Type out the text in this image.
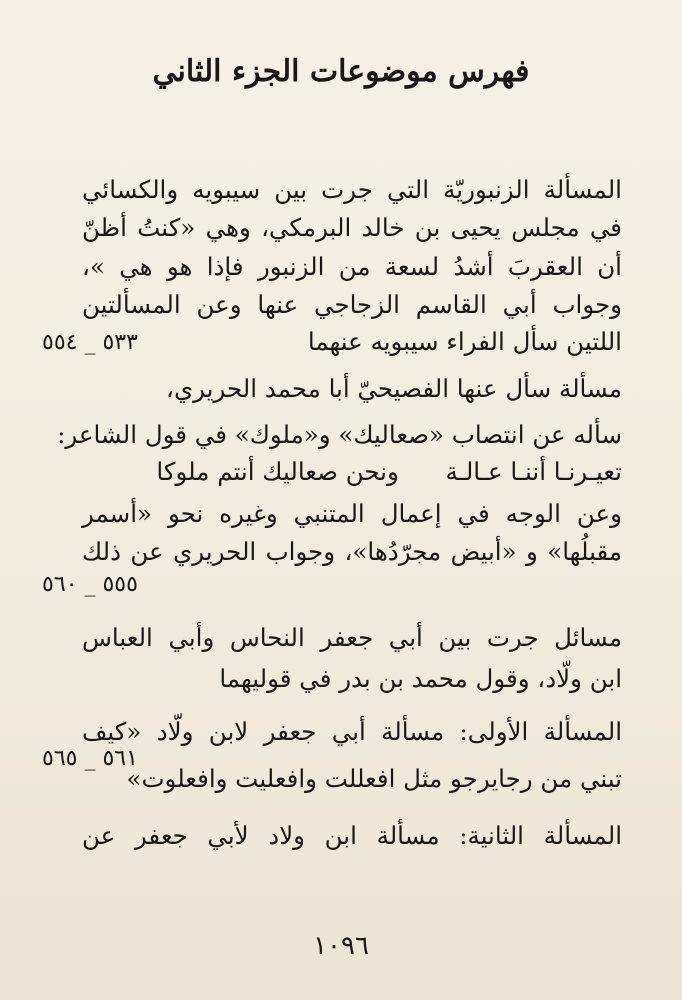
فهرس موضوعات الجزء الثاني
المسألة الزنبوريّة التي جرت بين سيبويه والكسائي
في مجلس يحيى بن خالد البرمكي، وهي «كنتُ أظنّ
أن العقربَ أشدُ لسعة من الزنبور فإذا هو هي »،
وجواب أبي القاسم الزجاجي عنها وعن المسألتين
اللتين سأل الفراء سيبويه عنهما
٥٣٣ _ ٥٥٤
مسألة سأل عنها الفصيحيّ أبا محمد الحريري،
سأله عن انتصاب «صعاليك» و«ملوك» في قول الشاعر:
تعيـرنـا أننـا عـالـة      ونحن صعاليك أنتم ملوكا
وعن الوجه في إعمال المتنبي وغيره نحو «أسمر
مقبلُها» و «أبيض مجرّدُها»، وجواب الحريري عن ذلك
٥٥٥ _ ٥٦٠
مسائل جرت بين أبي جعفر النحاس وأبي العباس
ابن ولّاد، وقول محمد بن بدر في قوليهما
المسألة الأولى: مسألة أبي جعفر لابن ولّاد «كيف
٥٦١ _ ٥٦٥
تبني من رجايرجو مثل افعللت وافعليت وافعلوت»
المسألة الثانية: مسألة ابن ولاد لأبي جعفر عن
١٠٩٦
